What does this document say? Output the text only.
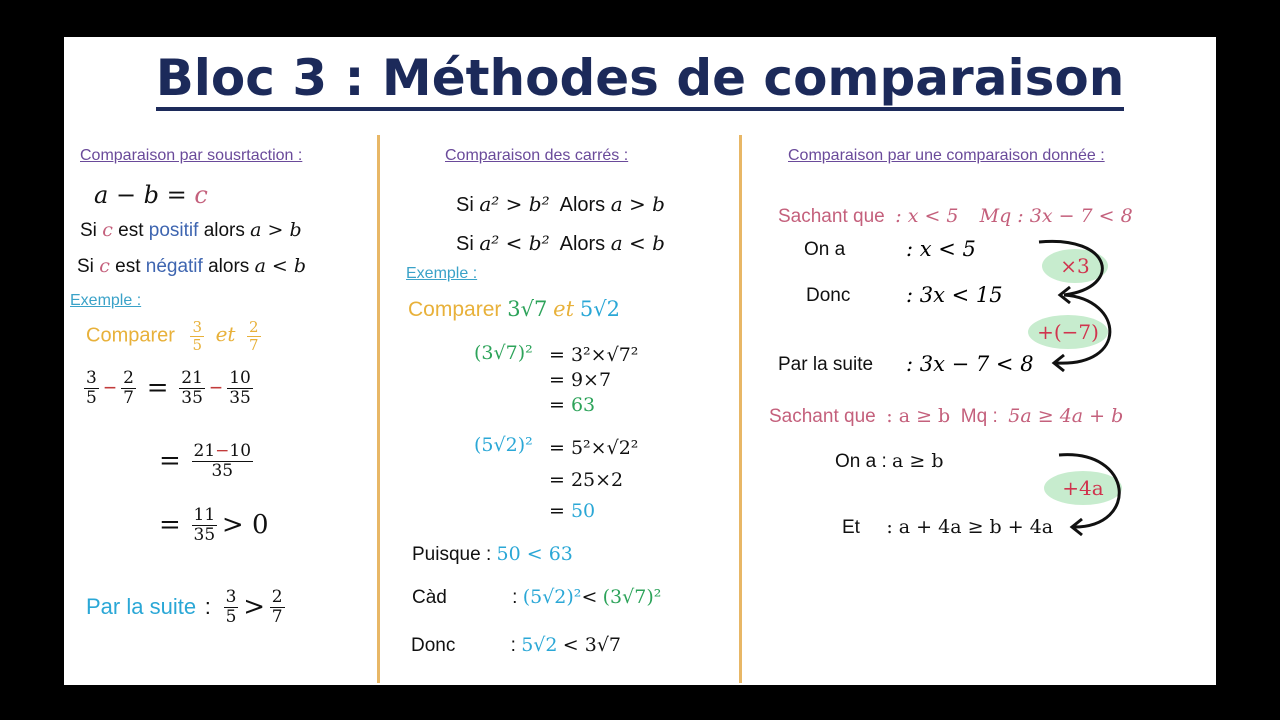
Bloc 3 : Méthodes de comparaison
Comparaison par sousrtaction :
a − b = c
Si c est positif alors a > b
Si c est négatif alors a < b
Exemple :
Comparer $\frac{3}{5}$ et $\frac{2}{7}$
$\frac{3}{5} - \frac{2}{7} = \frac{21}{35} - \frac{10}{35}$
= $\frac{21-10}{35}$
= $\frac{11}{35} > 0$
Par la suite : $\frac{3}{5} > \frac{2}{7}$
Comparaison des carrés :
Si a² > b² Alors a > b
Si a² < b² Alors a < b
Exemple :
Comparer 3√7 et 5√2
(3√7)² = 3²×√7²
= 9×7
= 63
(5√2)² = 5²×√2²
= 25×2
= 50
Puisque : 50 < 63
Càd	: (5√2)²< (3√7)²
Donc	: 5√2 < 3√7
Comparaison par une comparaison donnée :
Sachant que : x < 5 Mq : 3x − 7 < 8
On a	: x < 5
Donc	: 3x < 15
Par la suite : 3x − 7 < 8
×3
+(−7)
Sachant que : a ≥ b Mq : 5a ≥ 4a + b
On a : a ≥ b
Et : a + 4a ≥ b + 4a
+4a
